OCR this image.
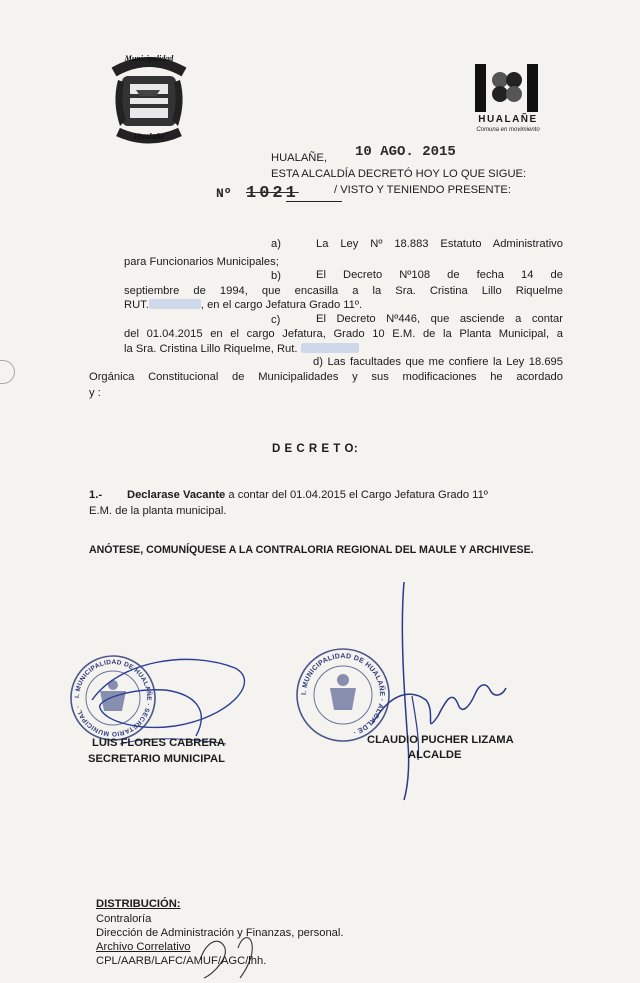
Municipalidad
Hualañe
HUALAÑE
Comuna en movimiento
HUALAÑE, 10 AGO. 2015
ESTA ALCALDÍA DECRETÓ HOY LO QUE SIGUE:
Nº 1021	/ VISTO Y TENIENDO PRESENTE:
a)	La Ley Nº 18.883 Estatuto Administrativo
para Funcionarios Municipales;
b)	El Decreto Nº108 de fecha 14 de
septiembre de 1994, que encasilla a la Sra. Cristina Lillo Riquelme
RUT.	, en el cargo Jefatura Grado 11º.
c)	El Decreto Nº446, que asciende a contar
del 01.04.2015 en el cargo Jefatura, Grado 10 E.M. de la Planta Municipal, a
la Sra. Cristina Lillo Riquelme, Rut.
d) Las facultades que me confiere la Ley 18.695
Orgánica Constitucional de Municipalidades y sus modificaciones he acordado
y :
D E C R E T O:
1.- Declarase Vacante a contar del 01.04.2015 el Cargo Jefatura Grado 11º
E.M. de la planta municipal.
ANÓTESE, COMUNÍQUESE A LA CONTRALORIA REGIONAL DEL MAULE Y ARCHIVESE.
I. MUNICIPALIDAD DE HUALAÑE · SECRETARIO MUNICIPAL ·
I. MUNICIPALIDAD DE HUALAÑE · ALCALDE ·
LUIS FLORES CABRERA
SECRETARIO MUNICIPAL
CLAUDIO PUCHER LIZAMA
ALCALDE
DISTRIBUCIÓN:
Contraloría
Dirección de Administración y Finanzas, personal.
Archivo Correlativo
CPL/AARB/LAFC/AMUF/AGC/lhh.
